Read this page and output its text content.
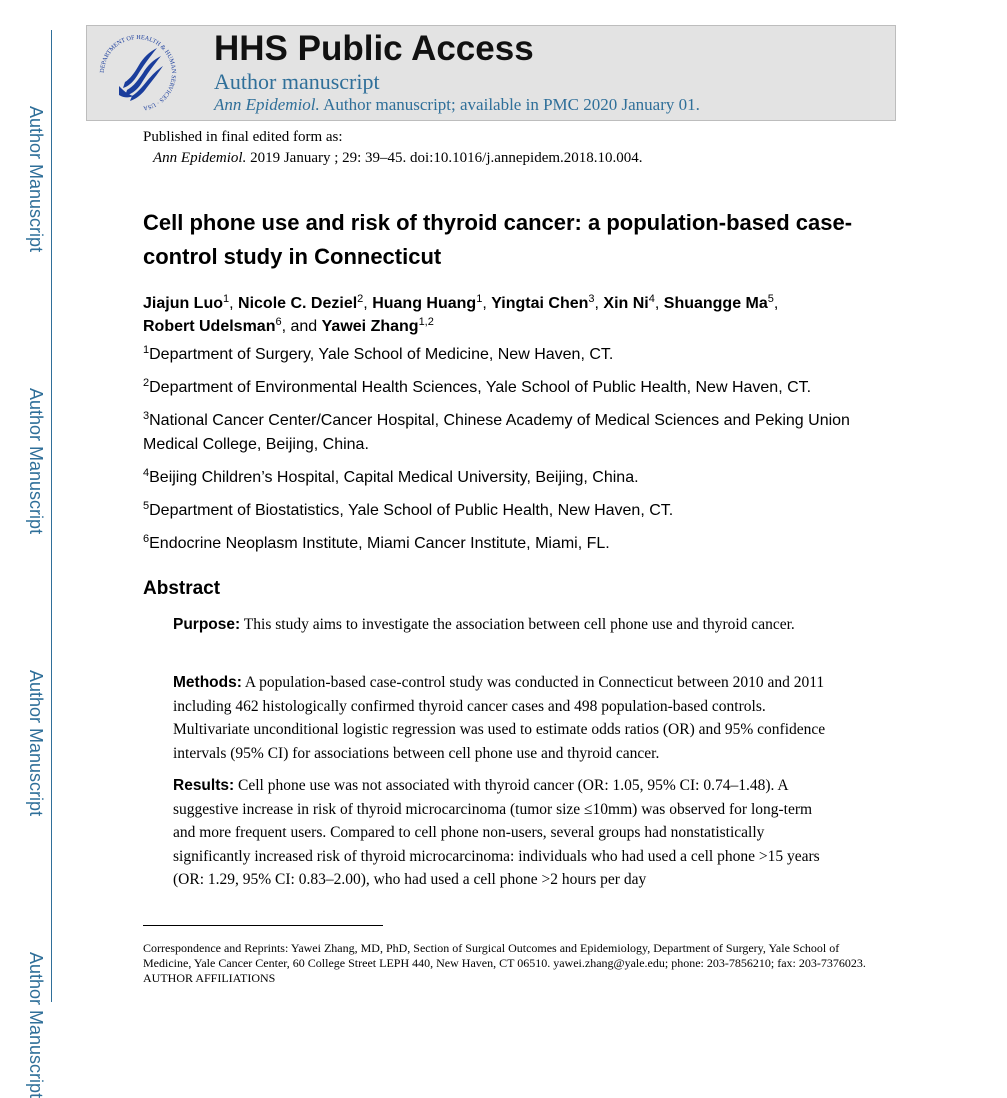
Author Manuscript
Author Manuscript
Author Manuscript
Author Manuscript
DEPARTMENT OF HEALTH & HUMAN SERVICES · USA
HHS Public Access
Author manuscript
Ann Epidemiol. Author manuscript; available in PMC 2020 January 01.
Published in final edited form as:
Ann Epidemiol. 2019 January ; 29: 39–45. doi:10.1016/j.annepidem.2018.10.004.
Cell phone use and risk of thyroid cancer: a population-based case-control study in Connecticut
Jiajun Luo$^1$, Nicole C. Deziel$^2$, Huang Huang$^1$, Yingtai Chen$^3$, Xin Ni$^4$, Shuangge Ma$^5$,
Robert Udelsman$^6$, and Yawei Zhang$^{1,2}$
$^1$Department of Surgery, Yale School of Medicine, New Haven, CT.
$^2$Department of Environmental Health Sciences, Yale School of Public Health, New Haven, CT.
$^3$National Cancer Center/Cancer Hospital, Chinese Academy of Medical Sciences and Peking Union Medical College, Beijing, China.
$^4$Beijing Children’s Hospital, Capital Medical University, Beijing, China.
$^5$Department of Biostatistics, Yale School of Public Health, New Haven, CT.
$^6$Endocrine Neoplasm Institute, Miami Cancer Institute, Miami, FL.
Abstract
Purpose: This study aims to investigate the association between cell phone use and thyroid cancer.
Methods: A population-based case-control study was conducted in Connecticut between 2010 and 2011 including 462 histologically confirmed thyroid cancer cases and 498 population-based controls. Multivariate unconditional logistic regression was used to estimate odds ratios (OR) and 95% confidence intervals (95% CI) for associations between cell phone use and thyroid cancer.
Results: Cell phone use was not associated with thyroid cancer (OR: 1.05, 95% CI: 0.74–1.48). A suggestive increase in risk of thyroid microcarcinoma (tumor size ≤10mm) was observed for long-term and more frequent users. Compared to cell phone non-users, several groups had nonstatistically significantly increased risk of thyroid microcarcinoma: individuals who had used a cell phone >15 years (OR: 1.29, 95% CI: 0.83–2.00), who had used a cell phone >2 hours per day
Correspondence and Reprints: Yawei Zhang, MD, PhD, Section of Surgical Outcomes and Epidemiology, Department of Surgery, Yale School of Medicine, Yale Cancer Center, 60 College Street LEPH 440, New Haven, CT 06510. yawei.zhang@yale.edu; phone: 203-7856210; fax: 203-7376023.
AUTHOR AFFILIATIONS
